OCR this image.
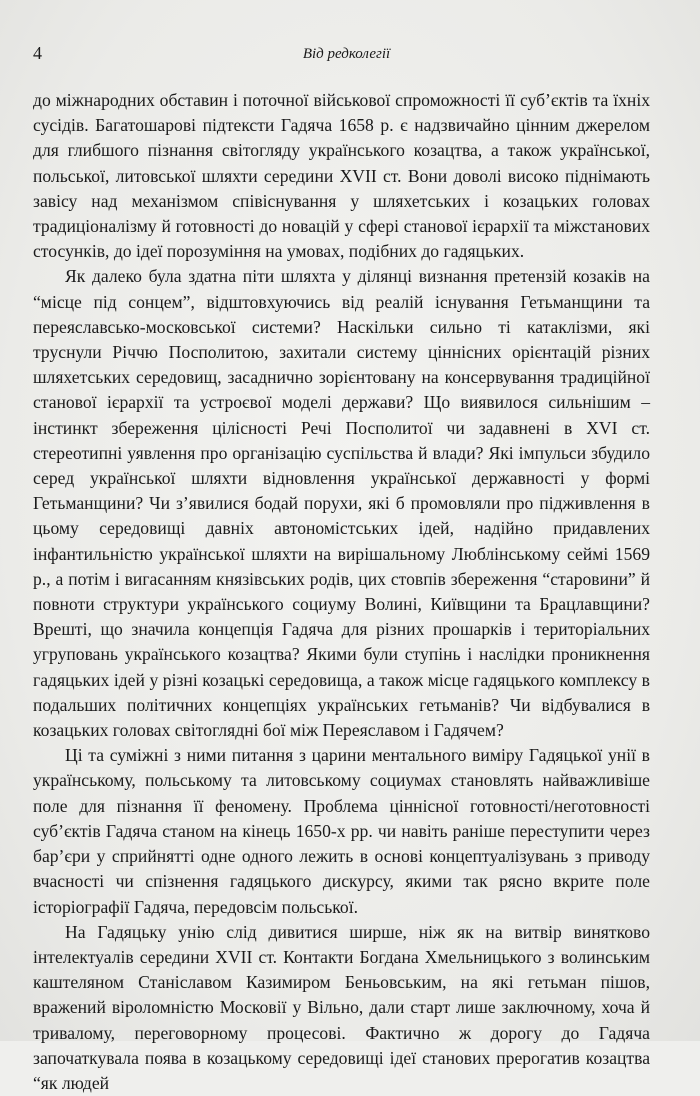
4	Від редколегії

до міжнародних обставин і поточної військової спроможності її суб’єктів та їхніх сусідів. Багатошарові підтексти Гадяча 1658 р. є надзвичайно цінним джерелом для глибшого пізнання світогляду українського козацтва, а також української, польської, литовської шляхти середини XVII ст. Вони доволі високо піднімають завісу над механізмом співіснування у шляхетських і козацьких головах традиціоналізму й готовності до новацій у сфері станової ієрархії та міжстанових стосунків, до ідеї порозуміння на умовах, подібних до гадяцьких.

Як далеко була здатна піти шляхта у ділянці визнання претензій козаків на “місце під сонцем”, відштовхуючись від реалій існування Гетьманщини та переяславсько-московської системи? Наскільки сильно ті катаклізми, які труснули Річчю Посполитою, захитали систему ціннісних орієнтацій різних шляхетських середовищ, засаднично зорієнтовану на консервування традиційної станової ієрархії та устроєвої моделі держави? Що виявилося сильнішим – інстинкт збереження цілісності Речі Посполитої чи задавнені в XVI ст. стереотипні уявлення про організацію суспільства й влади? Які імпульси збудило серед української шляхти відновлення української державності у формі Гетьманщини? Чи з’явилися бодай порухи, які б промовляли про підживлення в цьому середовищі давніх автономістських ідей, надійно придавлених інфантильністю української шляхти на вирішальному Люблінському сеймі 1569 р., а потім і вигасанням князівських родів, цих стовпів збереження “старовини” й повноти структури українського социуму Волині, Київщини та Брацлавщини? Врешті, що значила концепція Гадяча для різних прошарків і територіальних угруповань українського козацтва? Якими були ступінь і наслідки проникнення гадяцьких ідей у різні козацькі середовища, а також місце гадяцького комплексу в подальших політичних концепціях українських гетьманів? Чи відбувалися в козацьких головах світоглядні бої між Переяславом і Гадячем?

Ці та суміжні з ними питання з царини ментального виміру Гадяцької унії в українському, польському та литовському социумах становлять найважливіше поле для пізнання її феномену. Проблема ціннісної готовності/неготовності суб’єктів Гадяча станом на кінець 1650-х рр. чи навіть раніше переступити через бар’єри у сприйнятті одне одного лежить в основі концептуалізувань з приводу вчасності чи спізнення гадяцького дискурсу, якими так рясно вкрите поле історіографії Гадяча, передовсім польської.

На Гадяцьку унію слід дивитися ширше, ніж як на витвір винятково інтелектуалів середини XVII ст. Контакти Богдана Хмельницького з волинським каштеляном Станіславом Казимиром Беньовським, на які гетьман пішов, вражений віроломністю Московії у Вільно, дали старт лише заключному, хоча й тривалому, переговорному процесові. Фактично ж дорогу до Гадяча започаткувала поява в козацькому середовищі ідеї станових прерогатив козацтва “як людей
